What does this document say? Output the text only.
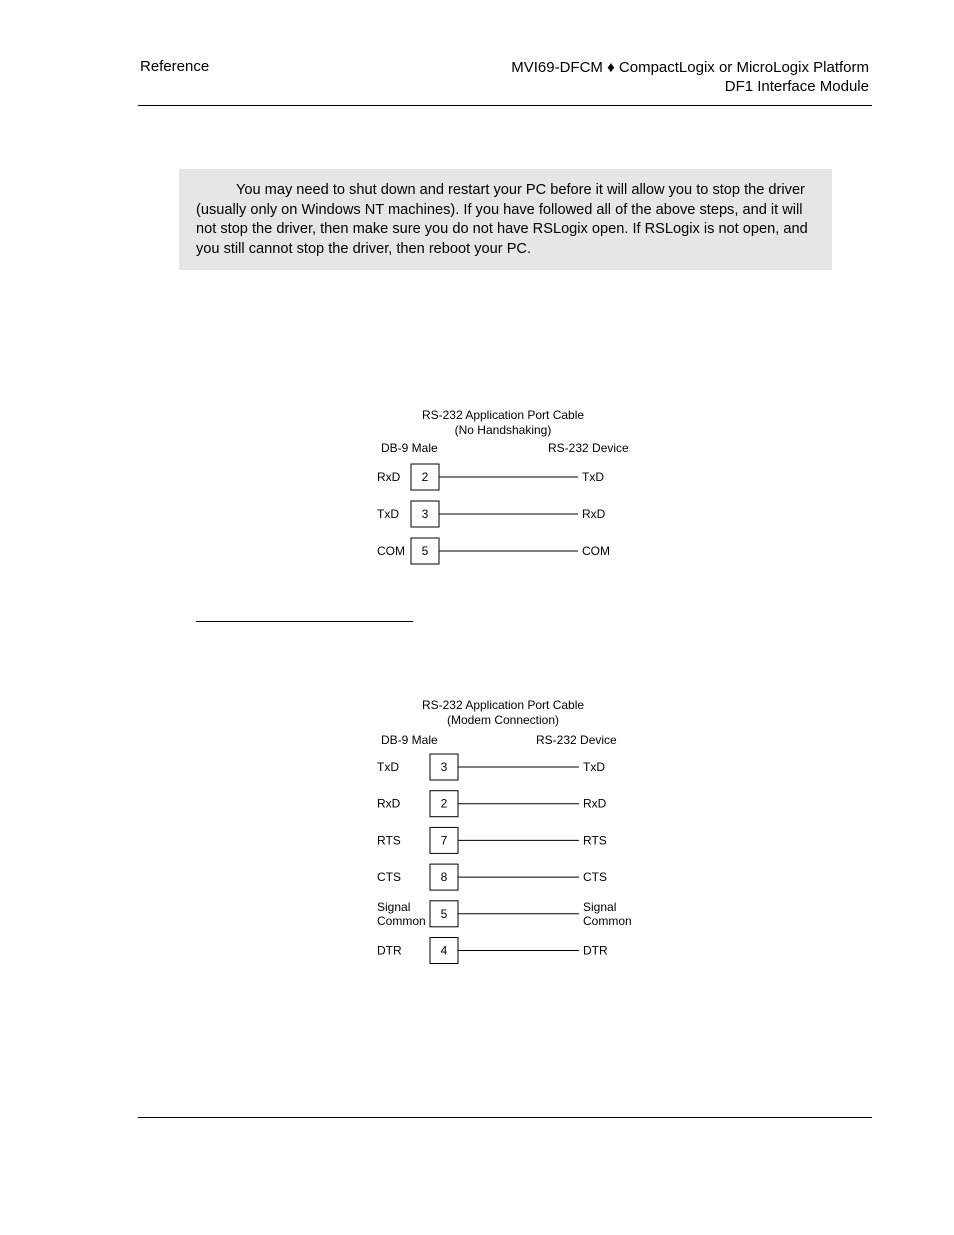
Reference	MVI69-DFCM ♦ CompactLogix or MicroLogix Platform
DF1 Interface Module

You may need to shut down and restart your PC before it will allow you to stop the driver (usually only on Windows NT machines). If you have followed all of the above steps, and it will not stop the driver, then make sure you do not have RSLogix open. If RSLogix is not open, and you still cannot stop the driver, then reboot your PC.

RS-232 Application Port Cable
(No Handshaking)
DB-9 Male	RS-232 Device
RxD 2	TxD
TxD 3	RxD
COM 5	COM
RS-232 Application Port Cable
(Modem Connection)
DB-9 Male	RS-232 Device
TxD	3	TxD
RxD	2	RxD
RTS	7	RTS
CTS	8	CTS
Signal Common 5	Signal Common
DTR	4	DTR
